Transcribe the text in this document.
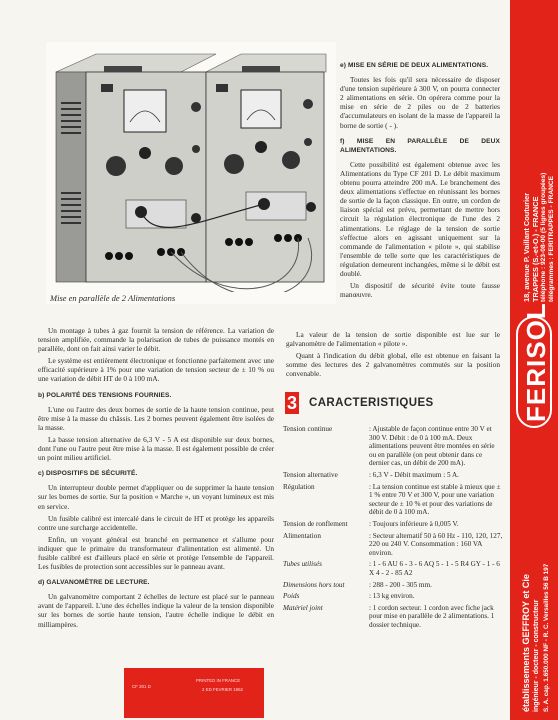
Mise en parallèle de 2 Alimentations
e) MISE EN SÉRIE DE DEUX ALIMENTATIONS.

Toutes les fois qu'il sera nécessaire de disposer d'une tension supérieure à 300 V, on pourra connecter 2 alimentations en série. On opérera comme pour la mise en série de 2 piles ou de 2 batteries d'accumulateurs en isolant de la masse de l'appareil la borne de sortie ( - ).

f) MISE EN PARALLÈLE DE DEUX ALIMENTATIONS.

Cette possibilité est également obtenue avec les Alimentations du Type CF 201 D. Le débit maximum obtenu pourra atteindre 200 mA. Le branchement des deux alimentations s'effectue en réunissant les bornes de sortie de la façon classique. En outre, un cordon de liaison spécial est prévu, permettant de mettre hors circuit la régulation électronique de l'une des 2 alimentations. Le réglage de la tension de sortie s'effectue alors en agissant uniquement sur la commande de l'alimentation « pilote », qui stabilise l'ensemble de telle sorte que les caractéristiques de régulation demeurent inchangées, même si le débit est doublé.

Un dispositif de sécurité évite toute fausse manœuvre.

Un montage à tubes à gaz fournit la tension de référence. La variation de tension amplifiée, commande la polarisation de tubes de puissance montés en parallèle, dont on fait ainsi varier le débit.

Le système est entièrement électronique et fonctionne parfaitement avec une efficacité supérieure à 1% pour une variation de tension secteur de ± 10 % ou une variation de débit HT de 0 à 100 mA.

b) POLARITÉ DES TENSIONS FOURNIES.

L'une ou l'autre des deux bornes de sortie de la haute tension continue, peut être mise à la masse du châssis. Les 2 bornes peuvent également être isolées de la masse.

La basse tension alternative de 6,3 V - 5 A est disponible sur deux bornes, dont l'une ou l'autre peut être mise à la masse. Il est également possible de créer un point milieu artificiel.

c) DISPOSITIFS DE SÉCURITÉ.

Un interrupteur double permet d'appliquer ou de supprimer la haute tension sur les bornes de sortie. Sur la position « Marche », un voyant lumineux est mis en service.

Un fusible calibré est intercalé dans le circuit de HT et protège les appareils contre une surcharge accidentelle.

Enfin, un voyant général est branché en permanence et s'allume pour indiquer que le primaire du transformateur d'alimentation est alimenté. Un fusible calibré est d'ailleurs placé en série et protège l'ensemble de l'appareil. Les fusibles de protection sont accessibles sur le panneau avant.

d) GALVANOMÈTRE DE LECTURE.

Un galvanomètre comportant 2 échelles de lecture est placé sur le panneau avant de l'appareil. L'une des échelles indique la valeur de la tension disponible sur les bornes de sortie haute tension, l'autre échelle indique le débit en milliampères.

La valeur de la tension de sortie disponible est lue sur le galvanomètre de l'alimentation « pilote ».

Quant à l'indication du débit global, elle est obtenue en faisant la somme des lectures des 2 galvanomètres commutés sur la position convenable.

3 CARACTERISTIQUES
Tension continue	: Ajustable de façon continue entre 30 V et 300 V. Débit : de 0 à 100 mA. Deux alimentations peuvent être montées en série ou en parallèle (on peut obtenir dans ce dernier cas, un débit de 200 mA).
Tension alternative	: 6,3 V - Débit maximum : 5 A.
Régulation	: La tension continue est stable à mieux que ± 1 % entre 70 V et 300 V, pour une variation secteur de ± 10 % et pour des variations de débit de 0 à 100 mA.
Tension de ronflement	: Toujours inférieure à 0,005 V.
Alimentation	: Secteur alternatif 50 à 60 Hz - 110, 120, 127, 220 ou 240 V. Consommation : 160 VA environ.
Tubes utilisés	: 1 - 6 AU 6 - 3 - 6 AQ 5 - 1 - 5 R4 GY - 1 - 6 X 4 - 2 - 85 A2
Dimensions hors tout	: 288 - 200 - 305 mm.
Poids	: 13 kg environ.
Matériel joint	: 1 cordon secteur. 1 cordon avec fiche jack pour mise en parallèle de 2 alimentations. 1 dossier technique.
PRINTED IN FRANCE
CF 201 D
2 ED FEVRIER 1962
18, avenue P. Vaillant Couturier TRAPPES (S.-et-O.) - FRANCE téléphone : 923-08-00 (5 lignes groupées) télégrammes : FERITRAPPES - FRANCE
FERISOL
établissements GEFFROY et Cie ingénieur - docteur - constructeur S. A. cap. 1.650.000 NF - R. C. Versailles 56 B 197
